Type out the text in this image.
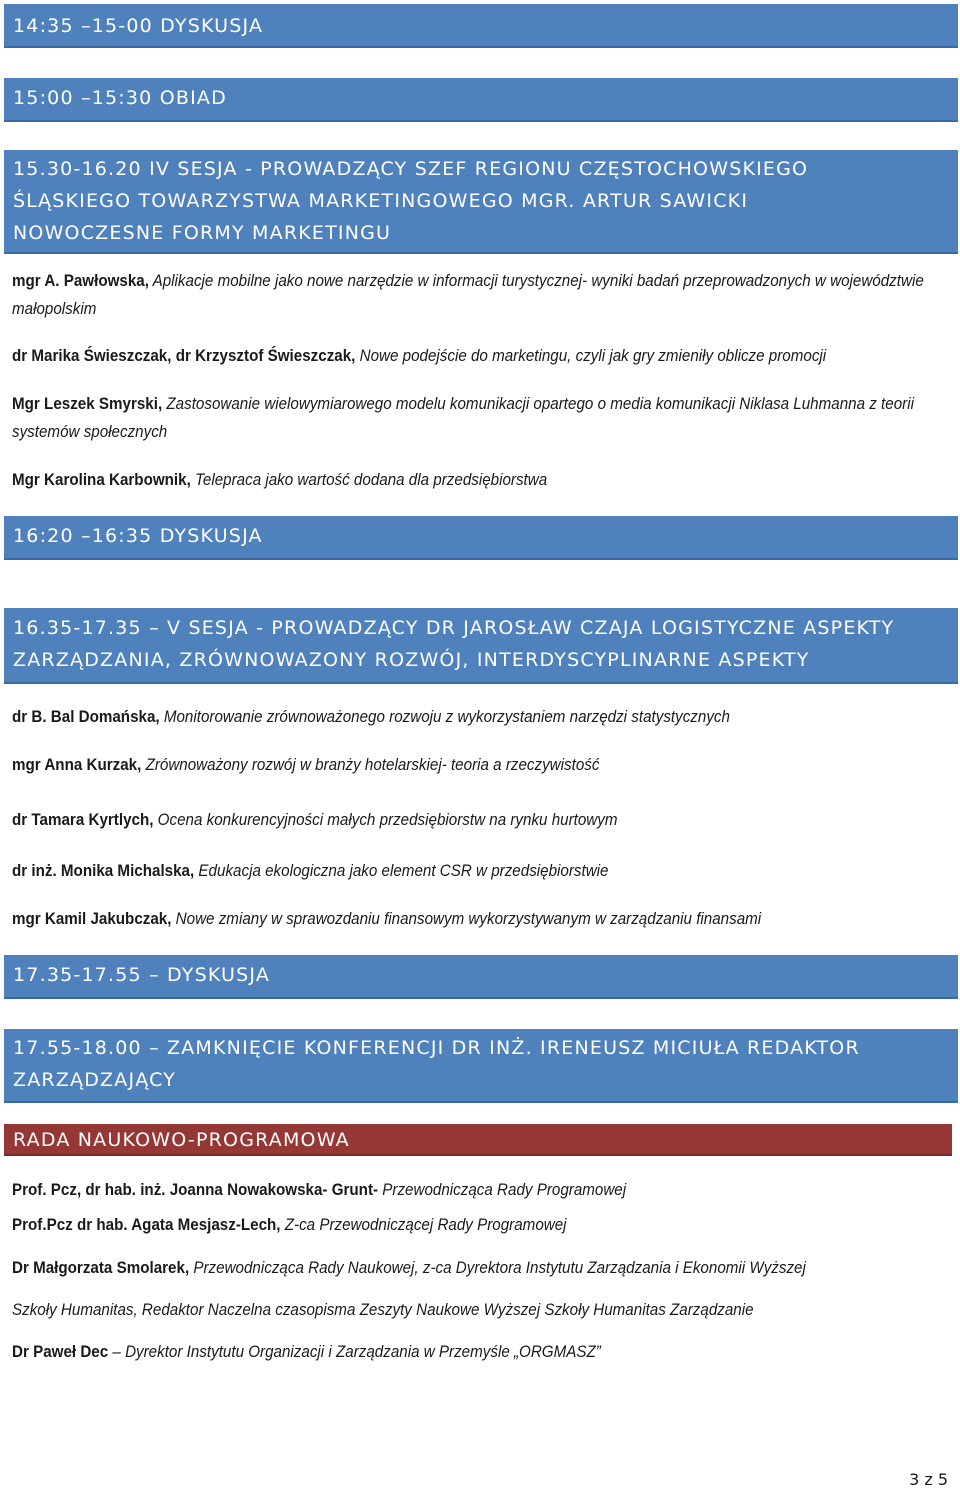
14:35 –15-00 DYSKUSJA
15:00 –15:30 OBIAD
15.30-16.20 IV SESJA - PROWADZĄCY SZEF REGIONU CZĘSTOCHOWSKIEGO
ŚLĄSKIEGO TOWARZYSTWA MARKETINGOWEGO MGR. ARTUR SAWICKI
NOWOCZESNE FORMY MARKETINGU

mgr A. Pawłowska, Aplikacje mobilne jako nowe narzędzie w informacji turystycznej- wyniki badań przeprowadzonych w województwie małopolskim

dr Marika Świeszczak, dr Krzysztof Świeszczak, Nowe podejście do marketingu, czyli jak gry zmieniły oblicze promocji

Mgr Leszek Smyrski, Zastosowanie wielowymiarowego modelu komunikacji opartego o media komunikacji Niklasa Luhmanna z teorii systemów społecznych

Mgr Karolina Karbownik, Telepraca jako wartość dodana dla przedsiębiorstwa

16:20 –16:35 DYSKUSJA
16.35-17.35 – V SESJA - PROWADZĄCY DR JAROSŁAW CZAJA LOGISTYCZNE ASPEKTY
ZARZĄDZANIA, ZRÓWNOWAZONY ROZWÓJ, INTERDYSCYPLINARNE ASPEKTY

dr B. Bal Domańska, Monitorowanie zrównoważonego rozwoju z wykorzystaniem narzędzi statystycznych

mgr Anna Kurzak, Zrównoważony rozwój w branży hotelarskiej- teoria a rzeczywistość

dr Tamara Kyrtlych, Ocena konkurencyjności małych przedsiębiorstw na rynku hurtowym

dr inż. Monika Michalska, Edukacja ekologiczna jako element CSR w przedsiębiorstwie

mgr Kamil Jakubczak, Nowe zmiany w sprawozdaniu finansowym wykorzystywanym w zarządzaniu finansami

17.35-17.55 – DYSKUSJA
17.55-18.00 – ZAMKNIĘCIE KONFERENCJI DR INŻ. IRENEUSZ MICIUŁA REDAKTOR
ZARZĄDZAJĄCY
RADA NAUKOWO-PROGRAMOWA

Prof. Pcz, dr hab. inż. Joanna Nowakowska- Grunt- Przewodnicząca Rady Programowej

Prof.Pcz dr hab. Agata Mesjasz-Lech, Z-ca Przewodniczącej Rady Programowej

Dr Małgorzata Smolarek, Przewodnicząca Rady Naukowej, z-ca Dyrektora Instytutu Zarządzania i Ekonomii Wyższej

Szkoły Humanitas, Redaktor Naczelna czasopisma Zeszyty Naukowe Wyższej Szkoły Humanitas Zarządzanie

Dr Paweł Dec – Dyrektor Instytutu Organizacji i Zarządzania w Przemyśle „ORGMASZ”

3 z 5
